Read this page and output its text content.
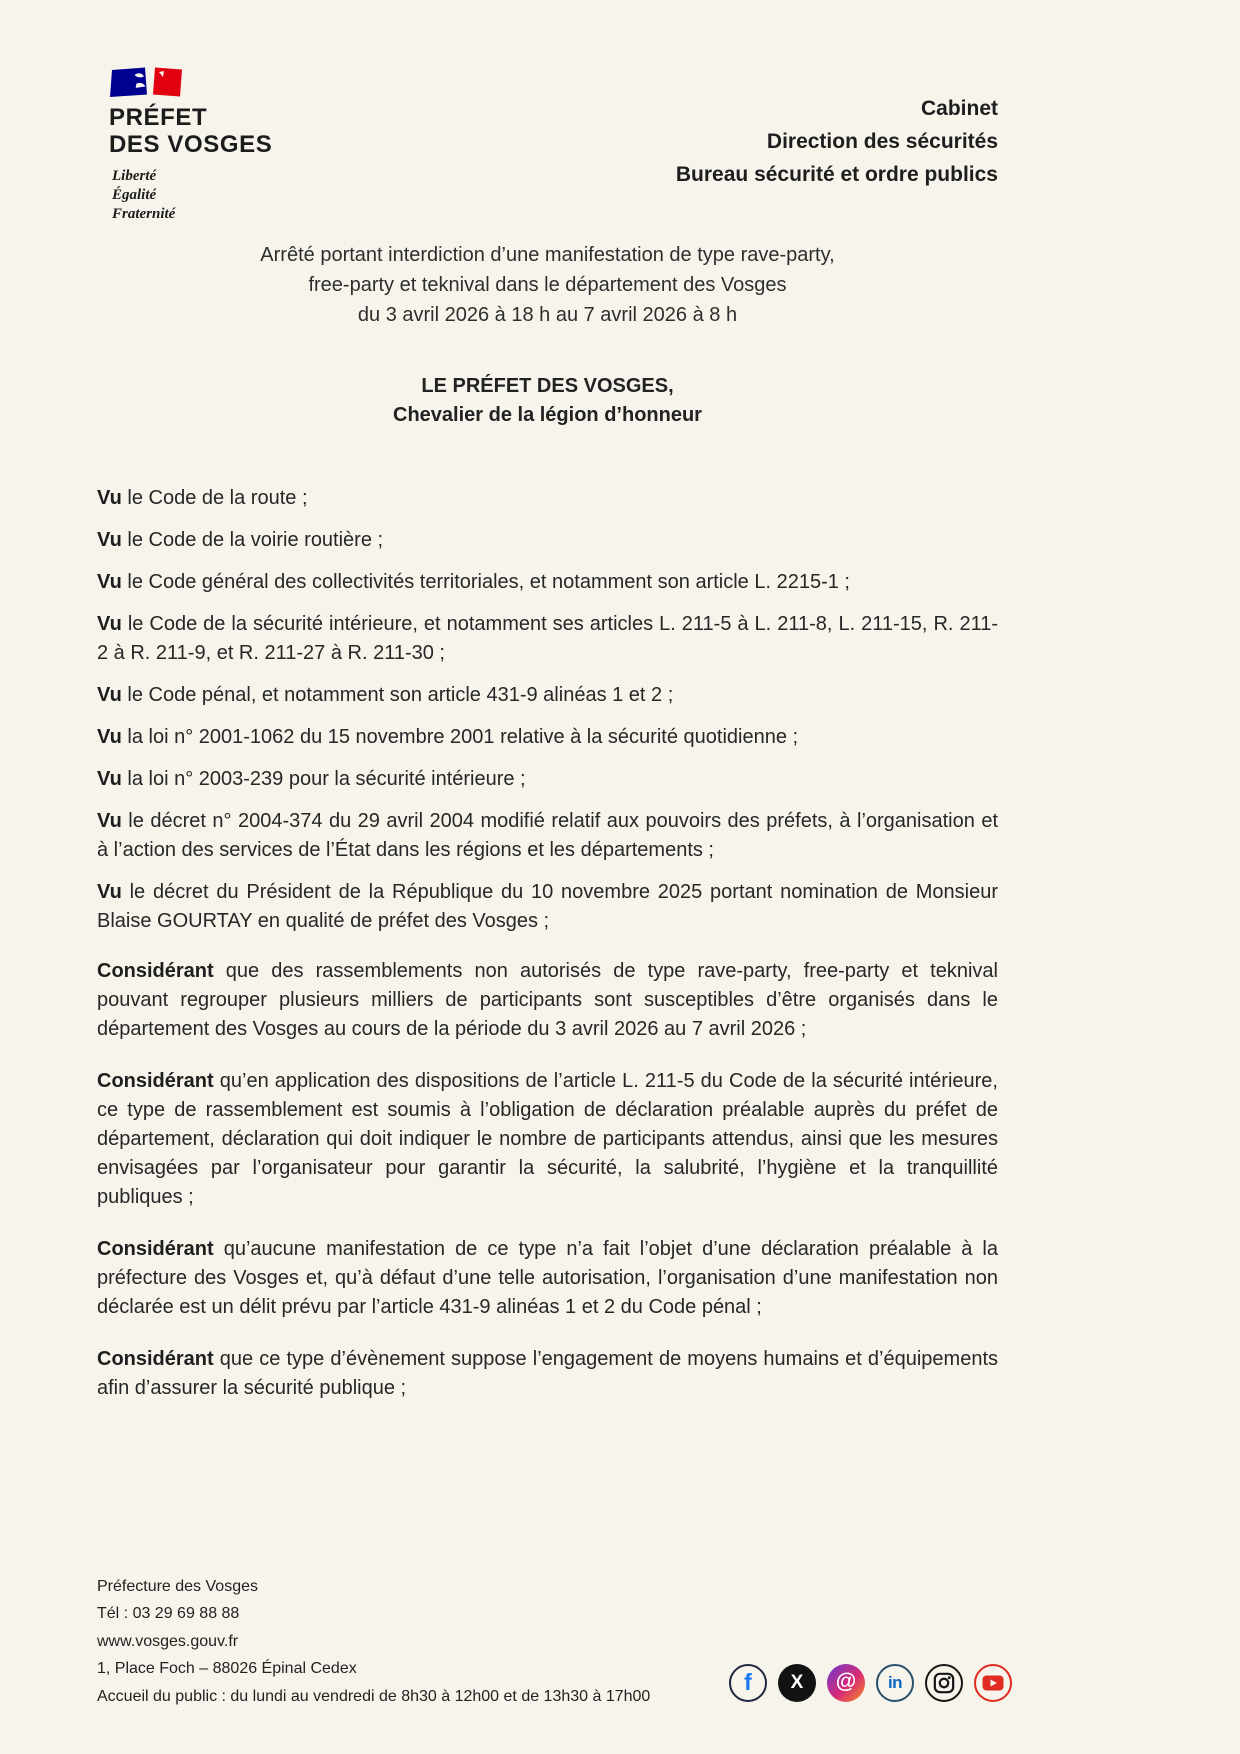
PRÉFET
DES VOSGES
Liberté
Égalité
Fraternité
Cabinet
Direction des sécurités
Bureau sécurité et ordre publics
Arrêté portant interdiction d’une manifestation de type rave-party,
free-party et teknival dans le département des Vosges
du 3 avril 2026 à 18 h au 7 avril 2026 à 8 h
LE PRÉFET DES VOSGES,
Chevalier de la légion d’honneur

Vu le Code de la route ;

Vu le Code de la voirie routière ;

Vu le Code général des collectivités territoriales, et notamment son article L. 2215-1 ;

Vu le Code de la sécurité intérieure, et notamment ses articles L. 211-5 à L. 211-8, L. 211-15, R. 211-2 à R. 211-9, et R. 211-27 à R. 211-30 ;

Vu le Code pénal, et notamment son article 431-9 alinéas 1 et 2 ;

Vu la loi n° 2001-1062 du 15 novembre 2001 relative à la sécurité quotidienne ;

Vu la loi n° 2003-239 pour la sécurité intérieure ;

Vu le décret n° 2004-374 du 29 avril 2004 modifié relatif aux pouvoirs des préfets, à l’organisation et à l’action des services de l’État dans les régions et les départements ;

Vu le décret du Président de la République du 10 novembre 2025 portant nomination de Monsieur Blaise GOURTAY en qualité de préfet des Vosges ;

Considérant que des rassemblements non autorisés de type rave-party, free-party et teknival pouvant regrouper plusieurs milliers de participants sont susceptibles d’être organisés dans le département des Vosges au cours de la période du 3 avril 2026 au 7 avril 2026 ;

Considérant qu’en application des dispositions de l’article L. 211-5 du Code de la sécurité intérieure, ce type de rassemblement est soumis à l’obligation de déclaration préalable auprès du préfet de département, déclaration qui doit indiquer le nombre de participants attendus, ainsi que les mesures envisagées par l’organisateur pour garantir la sécurité, la salubrité, l’hygiène et la tranquillité publiques ;

Considérant qu’aucune manifestation de ce type n’a fait l’objet d’une déclaration préalable à la préfecture des Vosges et, qu’à défaut d’une telle autorisation, l’organisation d’une manifestation non déclarée est un délit prévu par l’article 431-9 alinéas 1 et 2 du Code pénal ;

Considérant que ce type d’évènement suppose l’engagement de moyens humains et d’équipements afin d’assurer la sécurité publique ;

Préfecture des Vosges
Tél : 03 29 69 88 88
www.vosges.gouv.fr
1, Place Foch – 88026 Épinal Cedex
Accueil du public : du lundi au vendredi de 8h30 à 12h00 et de 13h30 à 17h00
f	X	@	in
